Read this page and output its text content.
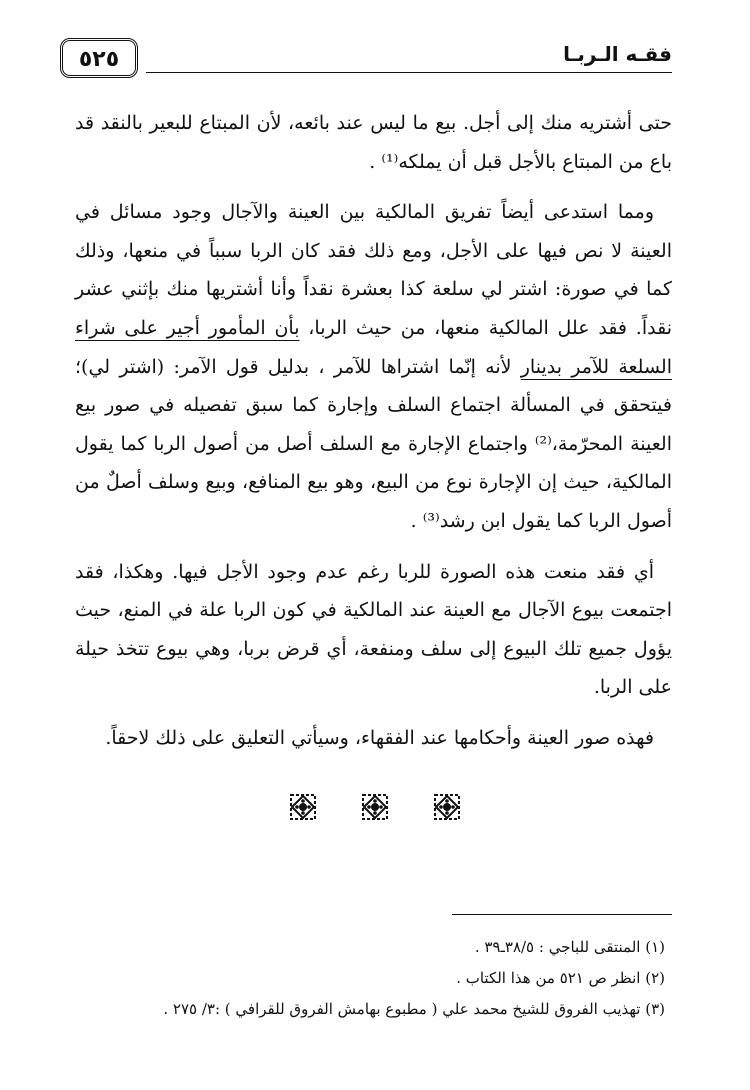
٥٢٥	فقـه الـربـا

حتى أشتريه منك إلى أجل. بيع ما ليس عند بائعه، لأن المبتاع للبعير بالنقد قد باع من المبتاع بالأجل قبل أن يملكه⁽¹⁾ .

ومما استدعى أيضاً تفريق المالكية بين العينة والآجال وجود مسائل في العينة لا نص فيها على الأجل، ومع ذلك فقد كان الربا سبباً في منعها، وذلك كما في صورة: اشتر لي سلعة كذا بعشرة نقداً وأنا أشتريها منك بإثني عشر نقداً. فقد علل المالكية منعها، من حيث الربا، بأن المأمور أجير على شراء السلعة للآمر بدينار لأنه إنّما اشتراها للآمر ، بدليل قول الآمر: (اشتر لي)؛ فيتحقق في المسألة اجتماع السلف وإجارة كما سبق تفصيله في صور بيع العينة المحرّمة،⁽²⁾ واجتماع الإجارة مع السلف أصل من أصول الربا كما يقول المالكية، حيث إن الإجارة نوع من البيع، وهو بيع المنافع، وبيع وسلف أصلٌ من أصول الربا كما يقول ابن رشد⁽³⁾ .

أي فقد منعت هذه الصورة للربا رغم عدم وجود الأجل فيها. وهكذا، فقد اجتمعت بيوع الآجال مع العينة عند المالكية في كون الربا علة في المنع، حيث يؤول جميع تلك البيوع إلى سلف ومنفعة، أي قرض بربا، وهي بيوع تتخذ حيلة على الربا.

فهذه صور العينة وأحكامها عند الفقهاء، وسيأتي التعليق على ذلك لاحقاً.

(١) المنتقى للباجي : ٣٨/٥ـ٣٩ .
(٢) انظر ص ٥٢١ من هذا الكتاب .
(٣) تهذيب الفروق للشيخ محمد علي ( مطبوع بهامش الفروق للقرافي ) :٣/ ٢٧٥ .
